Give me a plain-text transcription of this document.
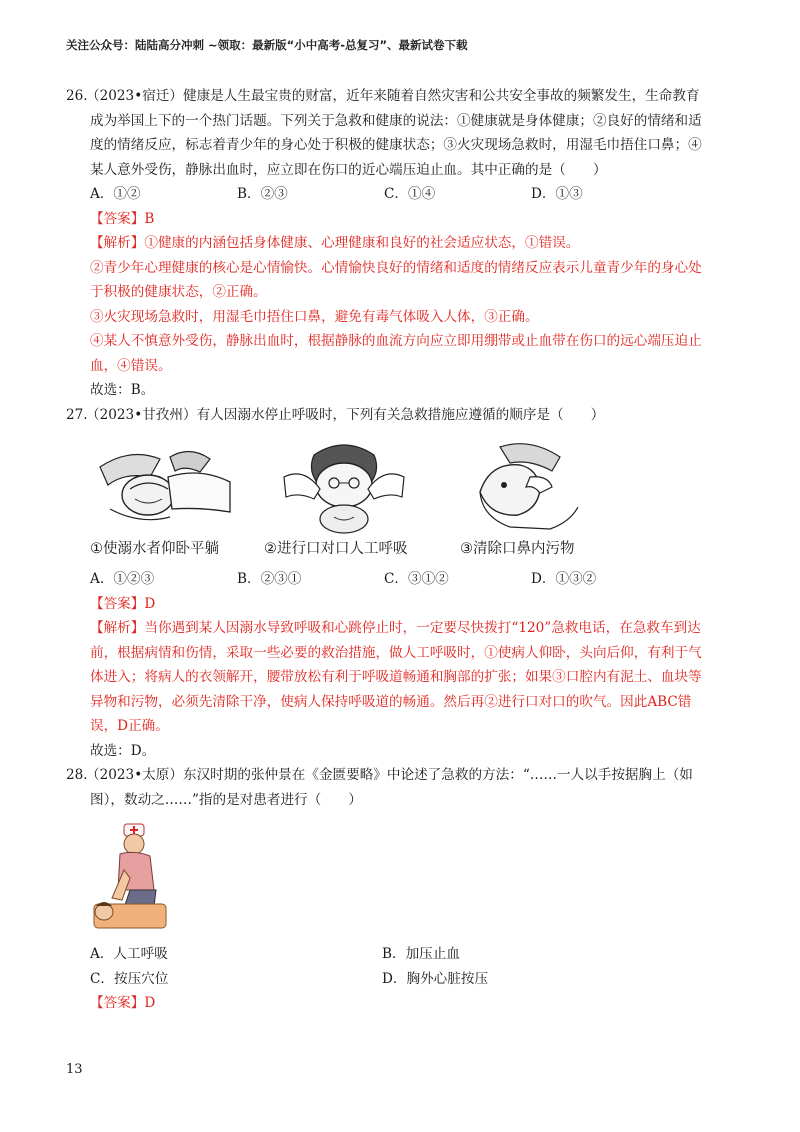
关注公众号：陆陆高分冲刺 ~领取：最新版“小中高考-总复习”、最新试卷下载

26.（2023•宿迁）健康是人生最宝贵的财富，近年来随着自然灾害和公共安全事故的频繁发生，生命教育

成为举国上下的一个热门话题。下列关于急救和健康的说法：①健康就是身体健康；②良好的情绪和适

度的情绪反应，标志着青少年的身心处于积极的健康状态；③火灾现场急救时，用湿毛巾捂住口鼻；④

某人意外受伤，静脉出血时，应立即在伤口的近心端压迫止血。其中正确的是（　　）

A．①②	B．②③	C．①④	D．①③

【答案】B

【解析】①健康的内涵包括身体健康、心理健康和良好的社会适应状态，①错误。

②青少年心理健康的核心是心情愉快。心情愉快良好的情绪和适度的情绪反应表示儿童青少年的身心处

于积极的健康状态，②正确。

③火灾现场急救时，用湿毛巾捂住口鼻，避免有毒气体吸入人体，③正确。

④某人不慎意外受伤，静脉出血时，根据静脉的血流方向应立即用绷带或止血带在伤口的远心端压迫止

血，④错误。

故选：B。

27.（2023•甘孜州）有人因溺水停止呼吸时，下列有关急救措施应遵循的顺序是（　　）

①使溺水者仰卧平躺	②进行口对口人工呼吸	③清除口鼻内污物
A．①②③	B．②③①	C．③①②	D．①③②

【答案】D

【解析】当你遇到某人因溺水导致呼吸和心跳停止时，一定要尽快拨打“120”急救电话，在急救车到达

前，根据病情和伤情，采取一些必要的救治措施，做人工呼吸时，①使病人仰卧，头向后仰，有利于气

体进入；将病人的衣领解开，腰带放松有利于呼吸道畅通和胸部的扩张；如果③口腔内有泥土、血块等

异物和污物，必须先清除干净，使病人保持呼吸道的畅通。然后再②进行口对口的吹气。因此ABC错

误，D正确。

故选：D。

28.（2023•太原）东汉时期的张仲景在《金匮要略》中论述了急救的方法：“……一人以手按据胸上（如

图），数动之……”指的是对患者进行（　　）

A．人工呼吸	B．加压止血
C．按压穴位	D．胸外心脏按压

【答案】D

13
